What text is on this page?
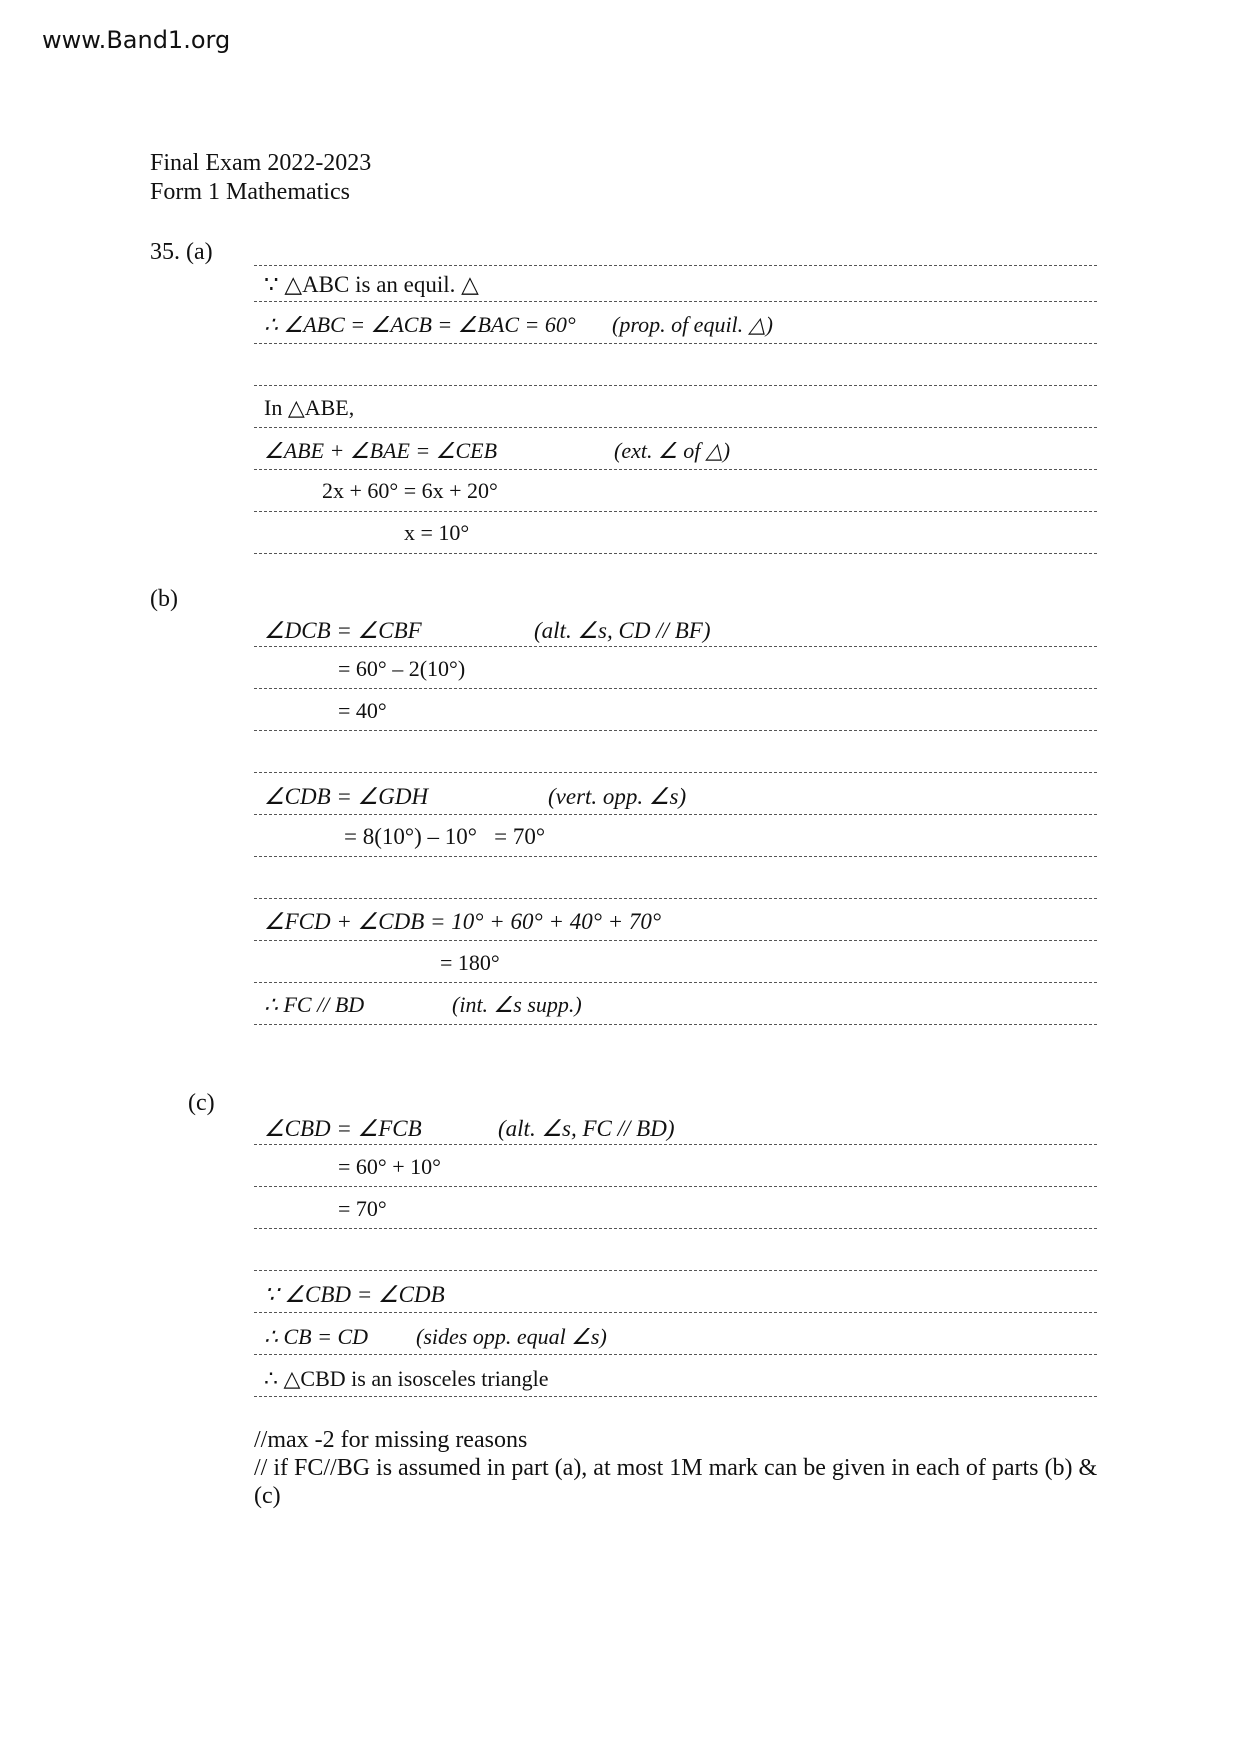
www.Band1.org
Final Exam 2022-2023
Form 1 Mathematics
35. (a)
∵ △ABC is an equil. △
∴ ∠ABC = ∠ACB = ∠BAC = 60° (prop. of equil. △)
In △ABE,
∠ABE + ∠BAE = ∠CEB	(ext. ∠ of △)
2x + 60° = 6x + 20°
x = 10°
(b)
∠DCB = ∠CBF	(alt. ∠s, CD // BF)
= 60° – 2(10°)
= 40°
∠CDB = ∠GDH	(vert. opp. ∠s)
= 8(10°) – 10°   = 70°
∠FCD + ∠CDB = 10° + 60° + 40° + 70°
= 180°
∴ FC // BD	(int. ∠s supp.)
(c)
∠CBD = ∠FCB	(alt. ∠s, FC // BD)
= 60° + 10°
= 70°
∵ ∠CBD = ∠CDB
∴ CB = CD (sides opp. equal ∠s)
∴ △CBD is an isosceles triangle
//max -2 for missing reasons
// if FC//BG is assumed in part (a), at most 1M mark can be given in each of parts (b) & (c)
